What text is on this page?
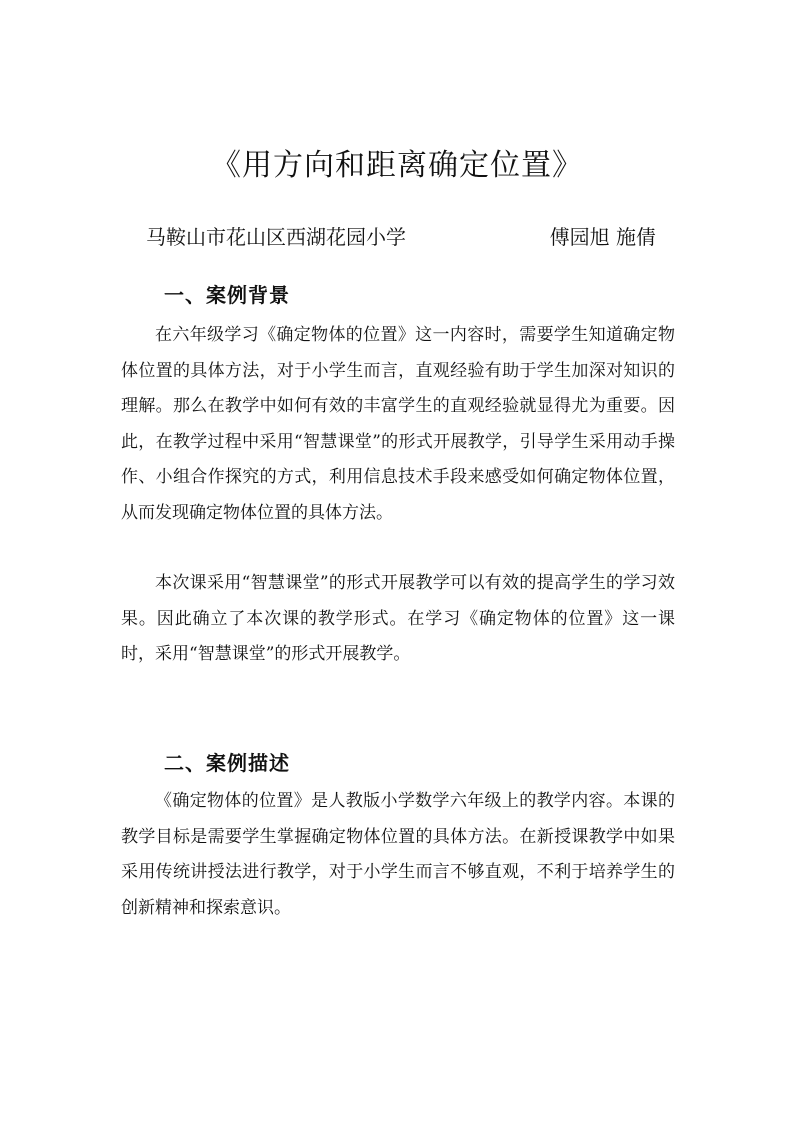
《用方向和距离确定位置》
马鞍山市花山区西湖花园小学	傅园旭 施倩
一、案例背景

在六年级学习《确定物体的位置》这一内容时，需要学生知道确定物体位置的具体方法，对于小学生而言，直观经验有助于学生加深对知识的理解。那么在教学中如何有效的丰富学生的直观经验就显得尤为重要。因此，在教学过程中采用“智慧课堂”的形式开展教学，引导学生采用动手操作、小组合作探究的方式，利用信息技术手段来感受如何确定物体位置，从而发现确定物体位置的具体方法。

本次课采用“智慧课堂”的形式开展教学可以有效的提高学生的学习效果。因此确立了本次课的教学形式。在学习《确定物体的位置》这一课时，采用“智慧课堂”的形式开展教学。

二、案例描述

《确定物体的位置》是人教版小学数学六年级上的教学内容。本课的教学目标是需要学生掌握确定物体位置的具体方法。在新授课教学中如果采用传统讲授法进行教学，对于小学生而言不够直观，不利于培养学生的创新精神和探索意识。
